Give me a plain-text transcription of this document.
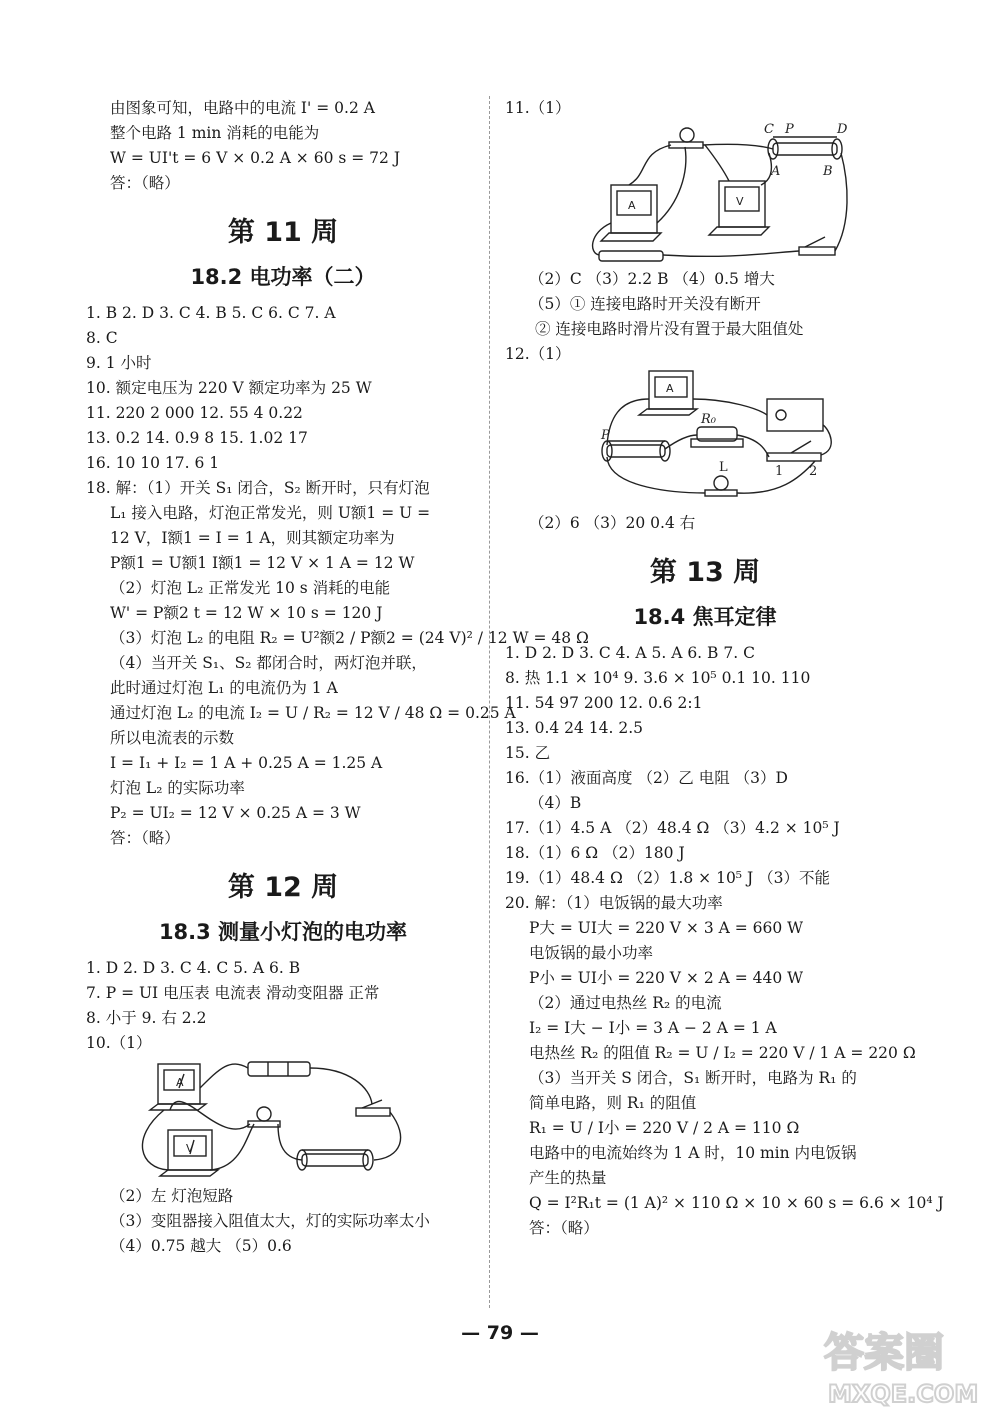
由图象可知，电路中的电流 I' = 0.2 A
整个电路 1 min 消耗的电能为
W = UI't = 6 V × 0.2 A × 60 s = 72 J
答：（略）
第 11 周
18.2 电功率（二）
1. B 2. D 3. C 4. B 5. C 6. C 7. A
8. C
9. 1 小时
10. 额定电压为 220 V 额定功率为 25 W
11. 220 2 000 12. 55 4 0.22
13. 0.2 14. 0.9 8 15. 1.02 17
16. 10 10 17. 6 1
18. 解：（1）开关 S₁ 闭合，S₂ 断开时，只有灯泡
L₁ 接入电路，灯泡正常发光，则 U额1 = U =
12 V，I额1 = I = 1 A，则其额定功率为
P额1 = U额1 I额1 = 12 V × 1 A = 12 W
（2）灯泡 L₂ 正常发光 10 s 消耗的电能
W' = P额2 t = 12 W × 10 s = 120 J
（3）灯泡 L₂ 的电阻 R₂ = U²额2 / P额2 = (24 V)² / 12 W = 48 Ω
（4）当开关 S₁、S₂ 都闭合时，两灯泡并联，
此时通过灯泡 L₁ 的电流仍为 1 A
通过灯泡 L₂ 的电流 I₂ = U / R₂ = 12 V / 48 Ω = 0.25 A
所以电流表的示数
I = I₁ + I₂ = 1 A + 0.25 A = 1.25 A
灯泡 L₂ 的实际功率
P₂ = UI₂ = 12 V × 0.25 A = 3 W
答：（略）
第 12 周
18.3 测量小灯泡的电功率
1. D 2. D 3. C 4. C 5. A 6. B
7. P = UI 电压表 电流表 滑动变阻器 正常
8. 小于 9. 右 2.2
10.（1）
A
V
（2）左 灯泡短路
（3）变阻器接入阻值太大，灯的实际功率太小
（4）0.75 越大 （5）0.6
11.（1）
C P	D
A	B
A	V
（2）C （3）2.2 B （4）0.5 增大
（5）① 连接电路时开关没有断开
② 连接电路时滑片没有置于最大阻值处
12.（1）
P
R₀
L	1 2
A
（2）6 （3）20 0.4 右
第 13 周
18.4 焦耳定律
1. D 2. D 3. C 4. A 5. A 6. B 7. C
8. 热 1.1 × 10⁴ 9. 3.6 × 10⁵ 0.1 10. 110
11. 54 97 200 12. 0.6 2:1
13. 0.4 24 14. 2.5
15. 乙
16.（1）液面高度 （2）乙 电阻 （3）D
（4）B
17.（1）4.5 A （2）48.4 Ω （3）4.2 × 10⁵ J
18.（1）6 Ω （2）180 J
19.（1）48.4 Ω （2）1.8 × 10⁵ J （3）不能
20. 解：（1）电饭锅的最大功率
P大 = UI大 = 220 V × 3 A = 660 W
电饭锅的最小功率
P小 = UI小 = 220 V × 2 A = 440 W
（2）通过电热丝 R₂ 的电流
I₂ = I大 − I小 = 3 A − 2 A = 1 A
电热丝 R₂ 的阻值 R₂ = U / I₂ = 220 V / 1 A = 220 Ω
（3）当开关 S 闭合，S₁ 断开时，电路为 R₁ 的
简单电路，则 R₁ 的阻值
R₁ = U / I小 = 220 V / 2 A = 110 Ω
电路中的电流始终为 1 A 时，10 min 内电饭锅
产生的热量
Q = I²R₁t = (1 A)² × 110 Ω × 10 × 60 s = 6.6 × 10⁴ J
答：（略）
— 79 —	答案圈
MXQE.COM
